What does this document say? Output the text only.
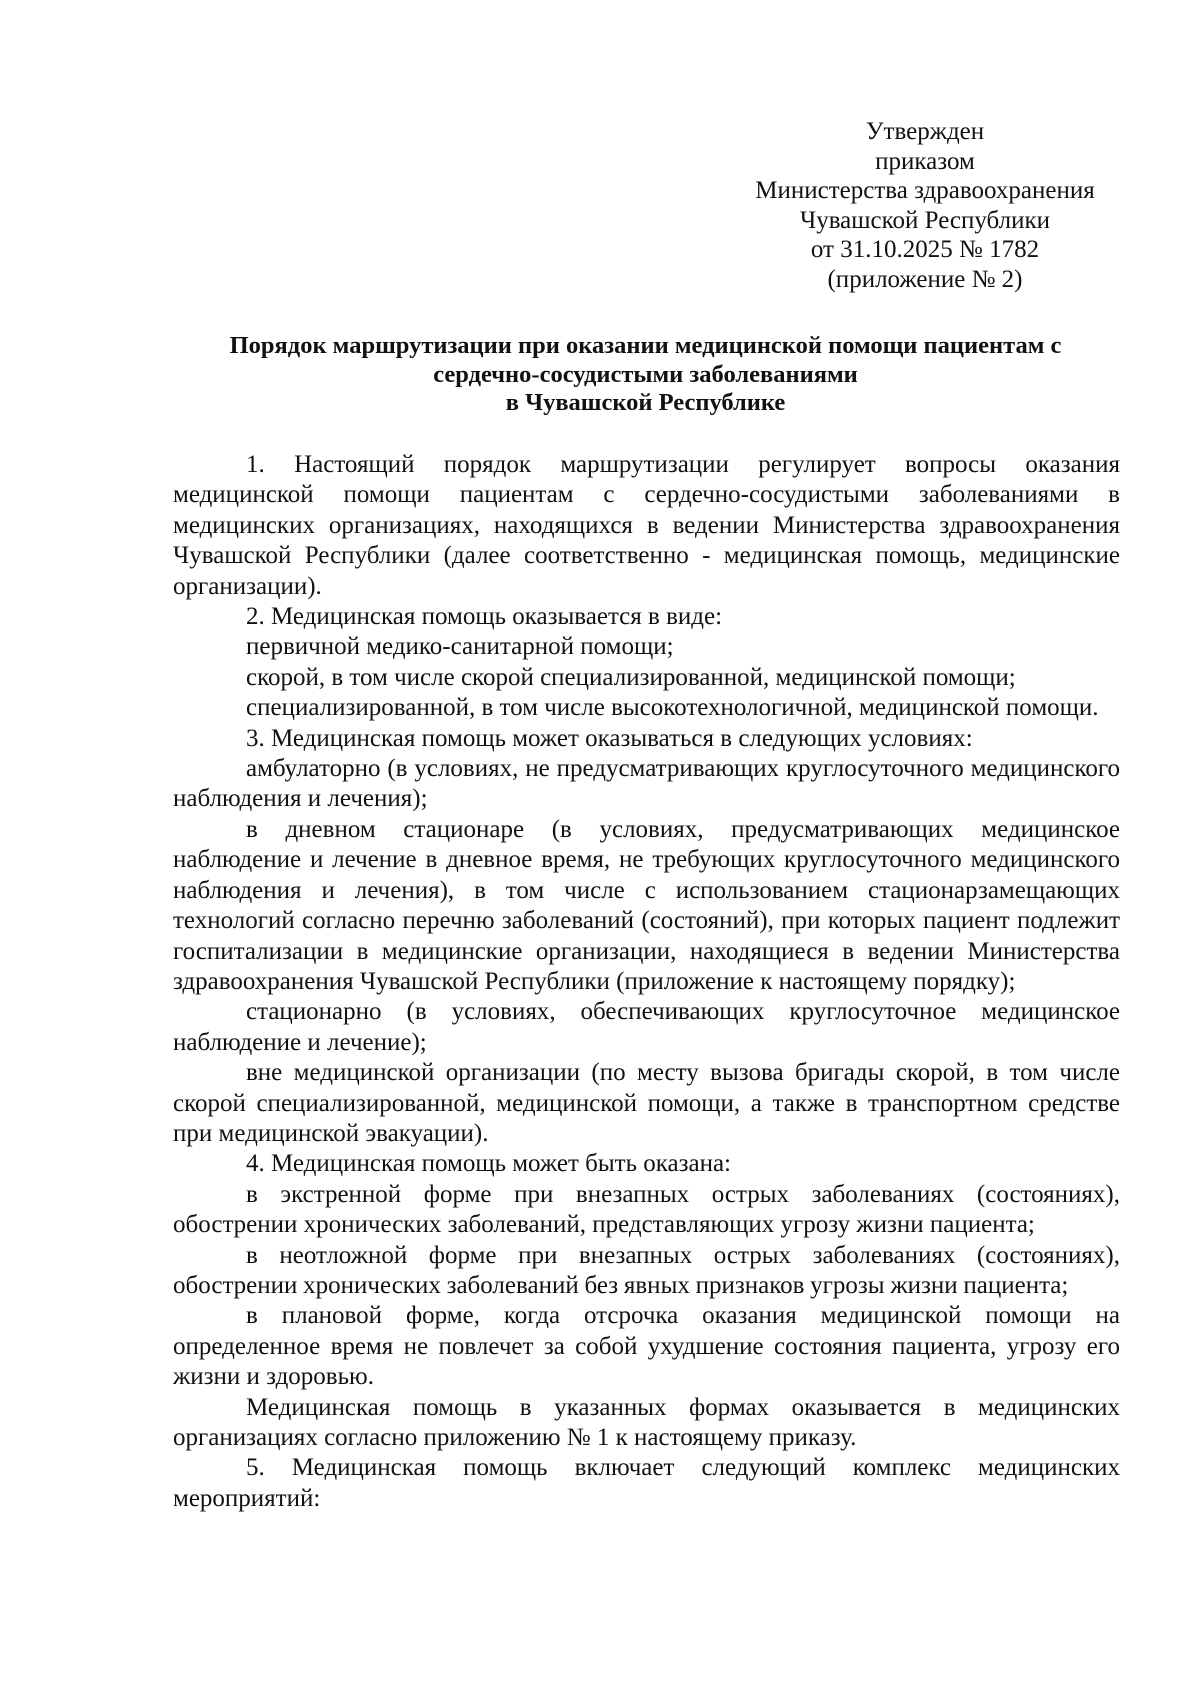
Утвержден
приказом
Министерства здравоохранения
Чувашской Республики
от 31.10.2025 № 1782
(приложение № 2)
Порядок маршрутизации при оказании медицинской помощи пациентам с
сердечно-сосудистыми заболеваниями
в Чувашской Республике

1. Настоящий порядок маршрутизации регулирует вопросы оказания медицинской помощи пациентам с сердечно-сосудистыми заболеваниями в медицинских организациях, находящихся в ведении Министерства здравоохранения Чувашской Республики (далее соответственно - медицинская помощь, медицинские организации).

2. Медицинская помощь оказывается в виде:

первичной медико-санитарной помощи;

скорой, в том числе скорой специализированной, медицинской помощи;

специализированной, в том числе высокотехнологичной, медицинской помощи.

3. Медицинская помощь может оказываться в следующих условиях:

амбулаторно (в условиях, не предусматривающих круглосуточного медицинского наблюдения и лечения);

в дневном стационаре (в условиях, предусматривающих медицинское наблюдение и лечение в дневное время, не требующих круглосуточного медицинского наблюдения и лечения), в том числе с использованием стационарзамещающих технологий согласно перечню заболеваний (состояний), при которых пациент подлежит госпитализации в медицинские организации, находящиеся в ведении Министерства здравоохранения Чувашской Республики (приложение к настоящему порядку);

стационарно (в условиях, обеспечивающих круглосуточное медицинское наблюдение и лечение);

вне медицинской организации (по месту вызова бригады скорой, в том числе скорой специализированной, медицинской помощи, а также в транспортном средстве при медицинской эвакуации).

4. Медицинская помощь может быть оказана:

в экстренной форме при внезапных острых заболеваниях (состояниях), обострении хронических заболеваний, представляющих угрозу жизни пациента;

в неотложной форме при внезапных острых заболеваниях (состояниях), обострении хронических заболеваний без явных признаков угрозы жизни пациента;

в плановой форме, когда отсрочка оказания медицинской помощи на определенное время не повлечет за собой ухудшение состояния пациента, угрозу его жизни и здоровью.

Медицинская помощь в указанных формах оказывается в медицинских организациях согласно приложению № 1 к настоящему приказу.

5. Медицинская помощь включает следующий комплекс медицинских мероприятий:
